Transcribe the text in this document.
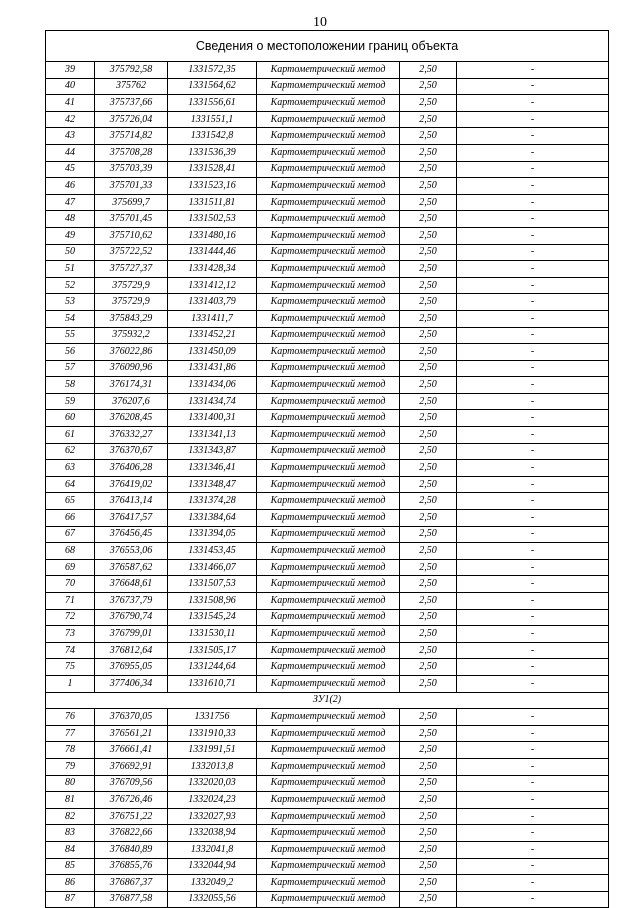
10
Сведения о местоположении границ объекта					
39	375792,58	1331572,35	Картометрический метод	2,50	-
40	375762	1331564,62	Картометрический метод	2,50	-
41	375737,66	1331556,61	Картометрический метод	2,50	-
42	375726,04	1331551,1	Картометрический метод	2,50	-
43	375714,82	1331542,8	Картометрический метод	2,50	-
44	375708,28	1331536,39	Картометрический метод	2,50	-
45	375703,39	1331528,41	Картометрический метод	2,50	-
46	375701,33	1331523,16	Картометрический метод	2,50	-
47	375699,7	1331511,81	Картометрический метод	2,50	-
48	375701,45	1331502,53	Картометрический метод	2,50	-
49	375710,62	1331480,16	Картометрический метод	2,50	-
50	375722,52	1331444,46	Картометрический метод	2,50	-
51	375727,37	1331428,34	Картометрический метод	2,50	-
52	375729,9	1331412,12	Картометрический метод	2,50	-
53	375729,9	1331403,79	Картометрический метод	2,50	-
54	375843,29	1331411,7	Картометрический метод	2,50	-
55	375932,2	1331452,21	Картометрический метод	2,50	-
56	376022,86	1331450,09	Картометрический метод	2,50	-
57	376090,96	1331431,86	Картометрический метод	2,50	-
58	376174,31	1331434,06	Картометрический метод	2,50	-
59	376207,6	1331434,74	Картометрический метод	2,50	-
60	376208,45	1331400,31	Картометрический метод	2,50	-
61	376332,27	1331341,13	Картометрический метод	2,50	-
62	376370,67	1331343,87	Картометрический метод	2,50	-
63	376406,28	1331346,41	Картометрический метод	2,50	-
64	376419,02	1331348,47	Картометрический метод	2,50	-
65	376413,14	1331374,28	Картометрический метод	2,50	-
66	376417,57	1331384,64	Картометрический метод	2,50	-
67	376456,45	1331394,05	Картометрический метод	2,50	-
68	376553,06	1331453,45	Картометрический метод	2,50	-
69	376587,62	1331466,07	Картометрический метод	2,50	-
70	376648,61	1331507,53	Картометрический метод	2,50	-
71	376737,79	1331508,96	Картометрический метод	2,50	-
72	376790,74	1331545,24	Картометрический метод	2,50	-
73	376799,01	1331530,11	Картометрический метод	2,50	-
74	376812,64	1331505,17	Картометрический метод	2,50	-
75	376955,05	1331244,64	Картометрический метод	2,50	-
1	377406,34	1331610,71	Картометрический метод	2,50	-
ЗУ1(2)					
76	376370,05	1331756	Картометрический метод	2,50	-
77	376561,21	1331910,33	Картометрический метод	2,50	-
78	376661,41	1331991,51	Картометрический метод	2,50	-
79	376692,91	1332013,8	Картометрический метод	2,50	-
80	376709,56	1332020,03	Картометрический метод	2,50	-
81	376726,46	1332024,23	Картометрический метод	2,50	-
82	376751,22	1332027,93	Картометрический метод	2,50	-
83	376822,66	1332038,94	Картометрический метод	2,50	-
84	376840,89	1332041,8	Картометрический метод	2,50	-
85	376855,76	1332044,94	Картометрический метод	2,50	-
86	376867,37	1332049,2	Картометрический метод	2,50	-
87	376877,58	1332055,56	Картометрический метод	2,50	-
